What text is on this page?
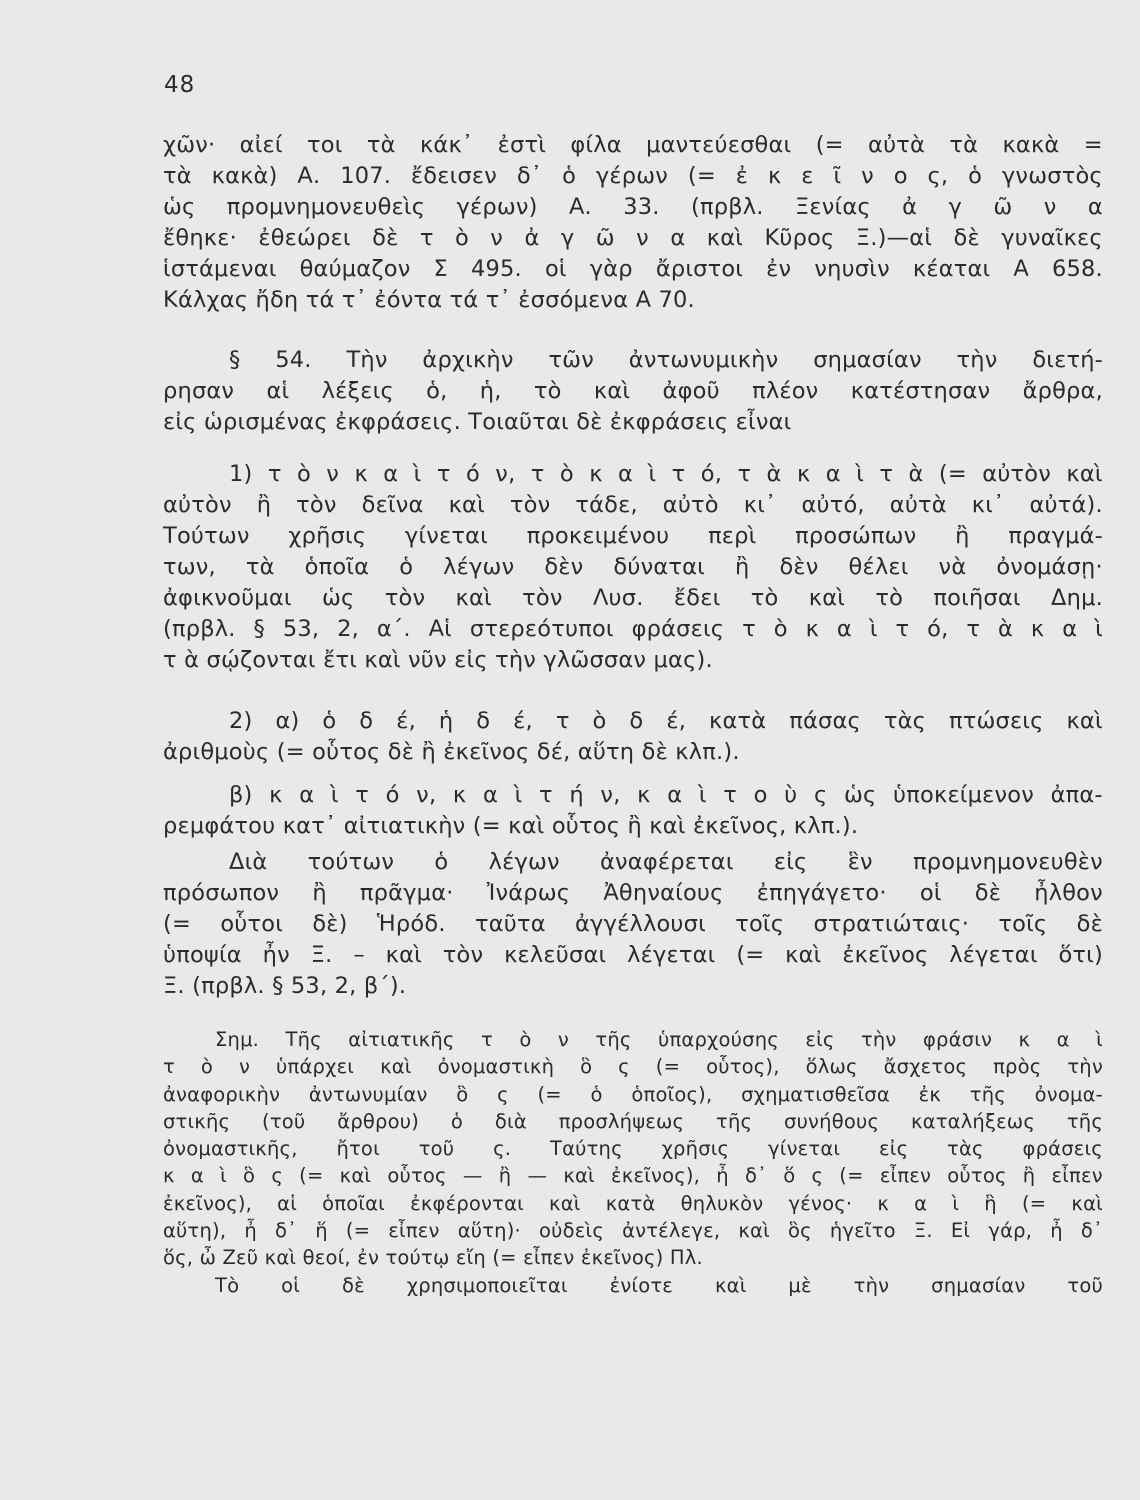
48
χῶν· αἰεί τοι τὰ κάκ᾽ ἐστὶ φίλα μαντεύεσθαι (= αὐτὰ τὰ κακὰ =
τὰ κακὰ) Α. 107. ἔδεισεν δ᾽ ὁ γέρων (= ἐ κ ε ῖ ν ο ς, ὁ γνωστὸς
ὡς προμνημονευθεὶς γέρων) Α. 33. (πρβλ. Ξενίας ἀ γ ῶ ν α
ἔθηκε· ἐθεώρει δὲ τ ὸ ν ἀ γ ῶ ν α καὶ Κῦρος Ξ.)—αἱ δὲ γυναῖκες
ἱστάμεναι θαύμαζον Σ 495. οἱ γὰρ ἄριστοι ἐν νηυσὶν κέαται Α 658.
Κάλχας ἤδη τά τ᾽ ἐόντα τά τ᾽ ἐσσόμενα Α 70.
§ 54. Τὴν ἀρχικὴν τῶν ἀντωνυμικὴν σημασίαν τὴν διετή-
ρησαν αἱ λέξεις ὁ, ἡ, τὸ καὶ ἀφοῦ πλέον κατέστησαν ἄρθρα,
εἰς ὡρισμένας ἐκφράσεις. Τοιαῦται δὲ ἐκφράσεις εἶναι
1) τ ὸ ν κ α ὶ τ ό ν, τ ὸ κ α ὶ τ ό, τ ὰ κ α ὶ τ ὰ (= αὐτὸν καὶ
αὐτὸν ἢ τὸν δεῖνα καὶ τὸν τάδε, αὐτὸ κι᾽ αὐτό, αὐτὰ κι᾽ αὐτά).
Τούτων χρῆσις γίνεται προκειμένου περὶ προσώπων ἢ πραγμά-
των, τὰ ὁποῖα ὁ λέγων δὲν δύναται ἢ δὲν θέλει νὰ ὀνομάσῃ·
ἀφικνοῦμαι ὡς τὸν καὶ τὸν Λυσ. ἔδει τὸ καὶ τὸ ποιῆσαι Δημ.
(πρβλ. § 53, 2, α΄. Αἱ στερεότυποι φράσεις τ ὸ κ α ὶ τ ό, τ ὰ κ α ὶ
τ ὰ σῴζονται ἔτι καὶ νῦν εἰς τὴν γλῶσσαν μας).
2) α) ὁ δ έ, ἡ δ έ, τ ὸ δ έ, κατὰ πάσας τὰς πτώσεις καὶ
ἀριθμοὺς (= οὗτος δὲ ἢ ἐκεῖνος δέ, αὕτη δὲ κλπ.).
β) κ α ὶ τ ό ν, κ α ὶ τ ή ν, κ α ὶ τ ο ὺ ς ὡς ὑποκείμενον ἀπα-
ρεμφάτου κατ᾽ αἰτιατικὴν (= καὶ οὗτος ἢ καὶ ἐκεῖνος, κλπ.).
Διὰ τούτων ὁ λέγων ἀναφέρεται εἰς ἓν προμνημονευθὲν
πρόσωπον ἢ πρᾶγμα· Ἰνάρως Ἀθηναίους ἐπηγάγετο· οἱ δὲ ἦλθον
(= οὗτοι δὲ) Ἡρόδ. ταῦτα ἀγγέλλουσι τοῖς στρατιώταις· τοῖς δὲ
ὑποψία ἦν Ξ. – καὶ τὸν κελεῦσαι λέγεται (= καὶ ἐκεῖνος λέγεται ὅτι)
Ξ. (πρβλ. § 53, 2, β΄).
Σημ. Τῆς αἰτιατικῆς τ ὸ ν τῆς ὑπαρχούσης εἰς τὴν φράσιν κ α ὶ
τ ὸ ν ὑπάρχει καὶ ὀνομαστικὴ ὃ ς (= οὗτος), ὅλως ἄσχετος πρὸς τὴν
ἀναφορικὴν ἀντωνυμίαν ὃ ς (= ὁ ὁποῖος), σχηματισθεῖσα ἐκ τῆς ὀνομα-
στικῆς (τοῦ ἄρθρου) ὁ διὰ προσλήψεως τῆς συνήθους καταλήξεως τῆς
ὀνομαστικῆς, ἤτοι τοῦ ς. Ταύτης χρῆσις γίνεται εἰς τὰς φράσεις
κ α ὶ ὃ ς (= καὶ οὗτος — ἢ — καὶ ἐκεῖνος), ἦ δ᾽ ὅ ς (= εἶπεν οὗτος ἢ εἶπεν
ἐκεῖνος), αἱ ὁποῖαι ἐκφέρονται καὶ κατὰ θηλυκὸν γένος· κ α ὶ ἣ (= καὶ
αὕτη), ἦ δ᾽ ἥ (= εἶπεν αὕτη)· οὐδεὶς ἀντέλεγε, καὶ ὃς ἡγεῖτο Ξ. Εἰ γάρ, ἦ δ᾽
ὅς, ὦ Ζεῦ καὶ θεοί, ἐν τούτῳ εἴη (= εἶπεν ἐκεῖνος) Πλ.
Τὸ οἱ δὲ χρησιμοποιεῖται ἐνίοτε καὶ μὲ τὴν σημασίαν τοῦ
